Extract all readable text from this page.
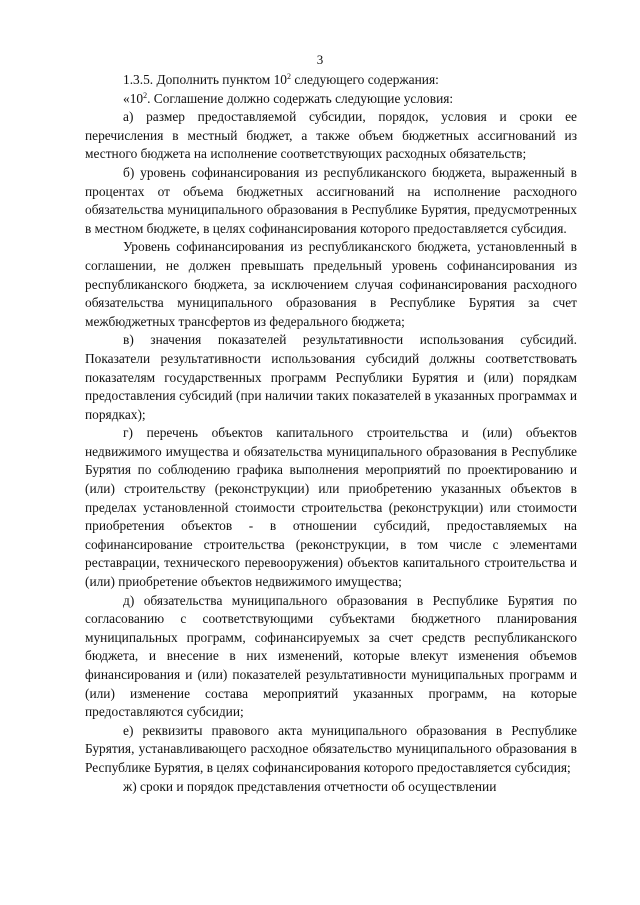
3

1.3.5. Дополнить пунктом $10^2$ следующего содержания:

«$10^2$. Соглашение должно содержать следующие условия:

а) размер предоставляемой субсидии, порядок, условия и сроки ее перечисления в местный бюджет, а также объем бюджетных ассигнований из местного бюджета на исполнение соответствующих расходных обязательств;

б) уровень софинансирования из республиканского бюджета, выраженный в процентах от объема бюджетных ассигнований на исполнение расходного обязательства муниципального образования в Республике Бурятия, предусмотренных в местном бюджете, в целях софинансирования которого предоставляется субсидия.

Уровень софинансирования из республиканского бюджета, установленный в соглашении, не должен превышать предельный уровень софинансирования из республиканского бюджета, за исключением случая софинансирования расходного обязательства муниципального образования в Республике Бурятия за счет межбюджетных трансфертов из федерального бюджета;

в) значения показателей результативности использования субсидий. Показатели результативности использования субсидий должны соответствовать показателям государственных программ Республики Бурятия и (или) порядкам предоставления субсидий (при наличии таких показателей в указанных программах и порядках);

г) перечень объектов капитального строительства и (или) объектов недвижимого имущества и обязательства муниципального образования в Республике Бурятия по соблюдению графика выполнения мероприятий по проектированию и (или) строительству (реконструкции) или приобретению указанных объектов в пределах установленной стоимости строительства (реконструкции) или стоимости приобретения объектов - в отношении субсидий, предоставляемых на софинансирование строительства (реконструкции, в том числе с элементами реставрации, технического перевооружения) объектов капитального строительства и (или) приобретение объектов недвижимого имущества;

д) обязательства муниципального образования в Республике Бурятия по согласованию с соответствующими субъектами бюджетного планирования муниципальных программ, софинансируемых за счет средств республиканского бюджета, и внесение в них изменений, которые влекут изменения объемов финансирования и (или) показателей результативности муниципальных программ и (или) изменение состава мероприятий указанных программ, на которые предоставляются субсидии;

е) реквизиты правового акта муниципального образования в Республике Бурятия, устанавливающего расходное обязательство муниципального образования в Республике Бурятия, в целях софинансирования которого предоставляется субсидия;

ж) сроки и порядок представления отчетности об осуществлении
